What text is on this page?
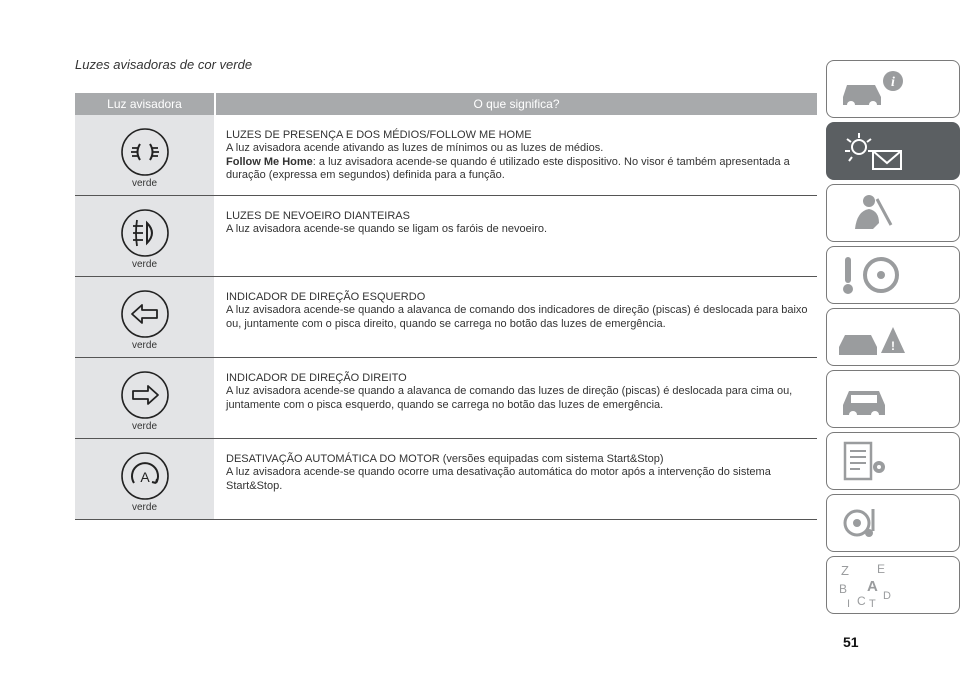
Luzes avisadoras de cor verde
Luz avisadora	O que significa?
verde
LUZES DE PRESENÇA E DOS MÉDIOS/FOLLOW ME HOME
A luz avisadora acende ativando as luzes de mínimos ou as luzes de médios.
Follow Me Home: a luz avisadora acende-se quando é utilizado este dispositivo. No visor é também apresentada a duração (expressa em segundos) definida para a função.
verde
LUZES DE NEVOEIRO DIANTEIRAS
A luz avisadora acende-se quando se ligam os faróis de nevoeiro.
verde
INDICADOR DE DIREÇÃO ESQUERDO
A luz avisadora acende-se quando a alavanca de comando dos indicadores de direção (piscas) é deslocada para baixo ou, juntamente com o pisca direito, quando se carrega no botão das luzes de emergência.
verde
INDICADOR DE DIREÇÃO DIREITO
A luz avisadora acende-se quando a alavanca de comando das luzes de direção (piscas) é deslocada para cima ou, juntamente com o pisca esquerdo, quando se carrega no botão das luzes de emergência.
A
verde
DESATIVAÇÃO AUTOMÁTICA DO MOTOR (versões equipadas com sistema Start&Stop)
A luz avisadora acende-se quando ocorre uma desativação automática do motor após a intervenção do sistema Start&Stop.
51
i
!
Z E
B A
C D
I T
